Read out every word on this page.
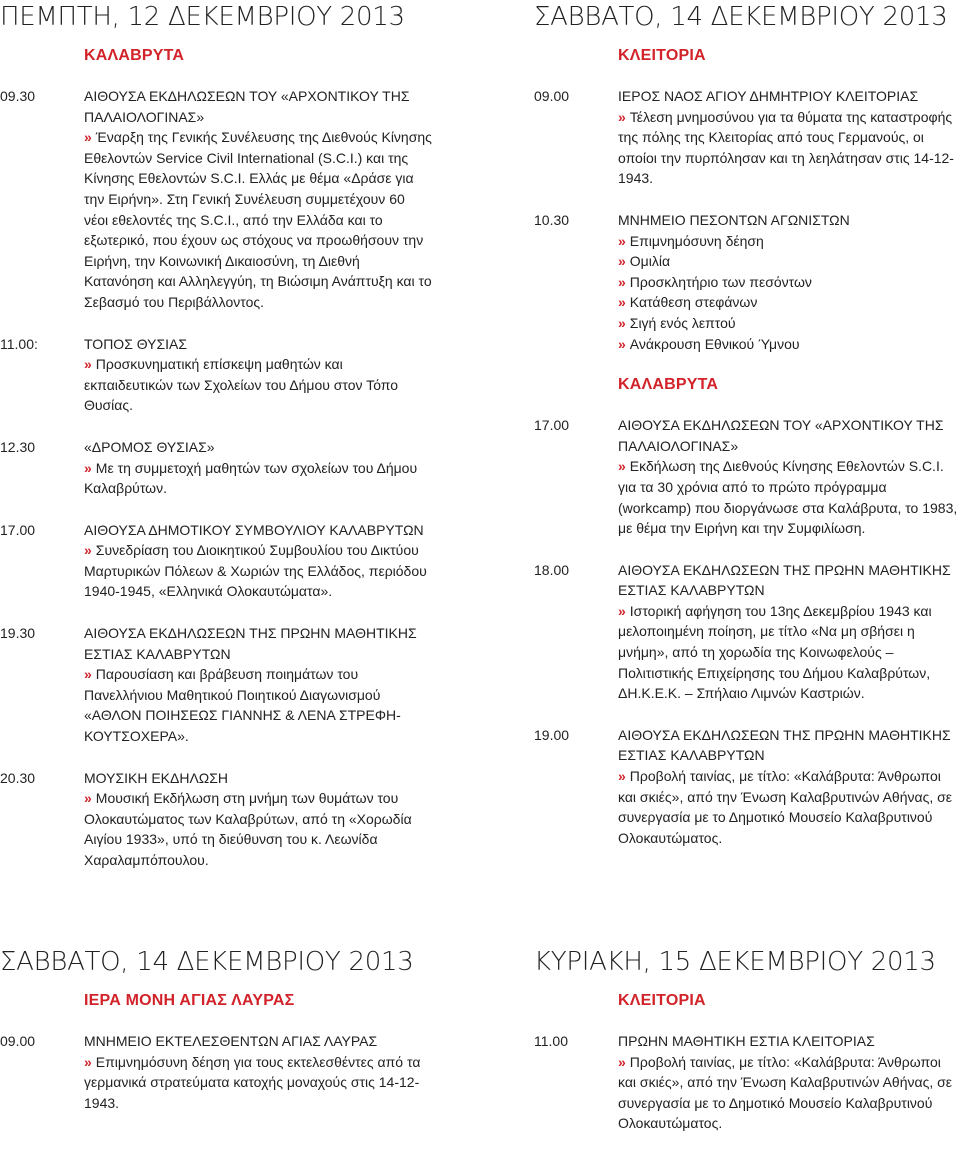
ΠΕΜΠΤΗ, 12 ΔΕΚΕΜΒΡΙΟΥ 2013
ΚΑΛΑΒΡΥΤΑ
09.30	ΑΙΘΟΥΣΑ ΕΚΔΗΛΩΣΕΩΝ ΤΟΥ «ΑΡΧΟΝΤΙΚΟΥ ΤΗΣ ΠΑΛΑΙΟΛΟΓΙΝΑΣ»
» Έναρξη της Γενικής Συνέλευσης της Διεθνούς Κίνησης Εθελοντών Service Civil International (S.C.I.) και της Κίνησης Εθελοντών S.C.I. Ελλάς με θέμα «Δράσε για την Ειρήνη». Στη Γενική Συνέλευση συμμετέχουν 60 νέοι εθελοντές της S.C.I., από την Ελλάδα και το εξωτερικό, που έχουν ως στόχους να προωθήσουν την Ειρήνη, την Κοινωνική Δικαιοσύνη, τη Διεθνή Κατανόηση και Αλληλεγγύη, τη Βιώσιμη Ανάπτυξη και το Σεβασμό του Περιβάλλοντος.
11.00:	ΤΟΠΟΣ ΘΥΣΙΑΣ
» Προσκυνηματική επίσκεψη μαθητών και εκπαιδευτικών των Σχολείων του Δήμου στον Τόπο Θυσίας.
12.30	«ΔΡΟΜΟΣ ΘΥΣΙΑΣ»
» Με τη συμμετοχή μαθητών των σχολείων του Δήμου Καλαβρύτων.
17.00	ΑΙΘΟΥΣΑ ΔΗΜΟΤΙΚΟΥ ΣΥΜΒΟΥΛΙΟΥ ΚΑΛΑΒΡΥΤΩΝ
» Συνεδρίαση του Διοικητικού Συμβουλίου του Δικτύου Μαρτυρικών Πόλεων & Χωριών της Ελλάδος, περιόδου 1940-1945, «Ελληνικά Ολοκαυτώματα».
19.30	ΑΙΘΟΥΣΑ ΕΚΔΗΛΩΣΕΩΝ ΤΗΣ ΠΡΩΗΝ ΜΑΘΗΤΙΚΗΣ ΕΣΤΙΑΣ ΚΑΛΑΒΡΥΤΩΝ
» Παρουσίαση και βράβευση ποιημάτων του Πανελλήνιου Μαθητικού Ποιητικού Διαγωνισμού «ΑΘΛΟΝ ΠΟΙΗΣΕΩΣ ΓΙΑΝΝΗΣ & ΛΕΝΑ ΣΤΡΕΦΗ-ΚΟΥΤΣΟΧΕΡΑ».
20.30	ΜΟΥΣΙΚΗ ΕΚΔΗΛΩΣΗ
» Μουσική Εκδήλωση στη μνήμη των θυμάτων του Ολοκαυτώματος των Καλαβρύτων, από τη «Χορωδία Αιγίου 1933», υπό τη διεύθυνση του κ. Λεωνίδα Χαραλαμπόπουλου.
ΣΑΒΒΑΤΟ, 14 ΔΕΚΕΜΒΡΙΟΥ 2013
ΚΛΕΙΤΟΡΙΑ
09.00	ΙΕΡΟΣ ΝΑΟΣ ΑΓΙΟΥ ΔΗΜΗΤΡΙΟΥ ΚΛΕΙΤΟΡΙΑΣ
» Τέλεση μνημοσύνου για τα θύματα της καταστροφής της πόλης της Κλειτορίας από τους Γερμανούς, οι οποίοι την πυρπόλησαν και τη λεηλάτησαν στις 14-12-1943.
10.30	ΜΝΗΜΕΙΟ ΠΕΣΟΝΤΩΝ ΑΓΩΝΙΣΤΩΝ
» Επιμνημόσυνη δέηση
» Ομιλία
» Προσκλητήριο των πεσόντων
» Κατάθεση στεφάνων
» Σιγή ενός λεπτού
» Ανάκρουση Εθνικού Ύμνου
ΚΑΛΑΒΡΥΤΑ
17.00	ΑΙΘΟΥΣΑ ΕΚΔΗΛΩΣΕΩΝ ΤΟΥ «ΑΡΧΟΝΤΙΚΟΥ ΤΗΣ ΠΑΛΑΙΟΛΟΓΙΝΑΣ»
» Εκδήλωση της Διεθνούς Κίνησης Εθελοντών S.C.I. για τα 30 χρόνια από το πρώτο πρόγραμμα (workcamp) που διοργάνωσε στα Καλάβρυτα, το 1983, με θέμα την Ειρήνη και την Συμφιλίωση.
18.00	ΑΙΘΟΥΣΑ ΕΚΔΗΛΩΣΕΩΝ ΤΗΣ ΠΡΩΗΝ ΜΑΘΗΤΙΚΗΣ ΕΣΤΙΑΣ ΚΑΛΑΒΡΥΤΩΝ
» Ιστορική αφήγηση του 13ης Δεκεμβρίου 1943 και μελοποιημένη ποίηση, με τίτλο «Να μη σβήσει η μνήμη», από τη χορωδία της Κοινωφελούς – Πολιτιστικής Επιχείρησης του Δήμου Καλαβρύτων, ΔΗ.Κ.Ε.Κ. – Σπήλαιο Λιμνών Καστριών.
19.00	ΑΙΘΟΥΣΑ ΕΚΔΗΛΩΣΕΩΝ ΤΗΣ ΠΡΩΗΝ ΜΑΘΗΤΙΚΗΣ ΕΣΤΙΑΣ ΚΑΛΑΒΡΥΤΩΝ
» Προβολή ταινίας, με τίτλο: «Καλάβρυτα: Άνθρωποι και σκιές», από την Ένωση Καλαβρυτινών Αθήνας, σε συνεργασία με το Δημοτικό Μουσείο Καλαβρυτινού Ολοκαυτώματος.
ΣΑΒΒΑΤΟ, 14 ΔΕΚΕΜΒΡΙΟΥ 2013
ΙΕΡΑ ΜΟΝΗ ΑΓΙΑΣ ΛΑΥΡΑΣ
09.00	ΜΝΗΜΕΙΟ ΕΚΤΕΛΕΣΘΕΝΤΩΝ ΑΓΙΑΣ ΛΑΥΡΑΣ
» Επιμνημόσυνη δέηση για τους εκτελεσθέντες από τα γερμανικά στρατεύματα κατοχής μοναχούς στις 14-12-1943.
ΚΥΡΙΑΚΗ, 15 ΔΕΚΕΜΒΡΙΟΥ 2013
ΚΛΕΙΤΟΡΙΑ
11.00	ΠΡΩΗΝ ΜΑΘΗΤΙΚΗ ΕΣΤΙΑ ΚΛΕΙΤΟΡΙΑΣ
» Προβολή ταινίας, με τίτλο: «Καλάβρυτα: Άνθρωποι και σκιές», από την Ένωση Καλαβρυτινών Αθήνας, σε συνεργασία με το Δημοτικό Μουσείο Καλαβρυτινού Ολοκαυτώματος.
